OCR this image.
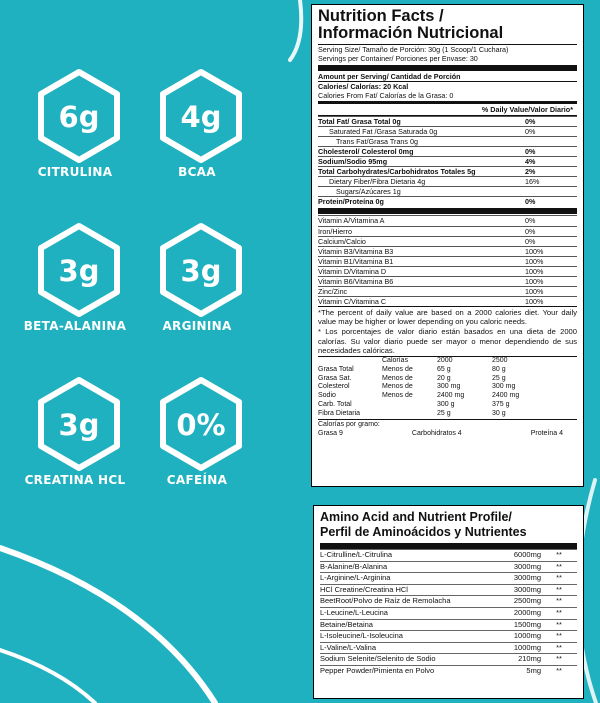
6g
CITRULINA
4g
BCAA
3g
BETA-ALANINA
3g
ARGININA
3g
CREATINA HCL
0%
CAFEÍNA
Nutrition Facts /
Información Nutricional
Serving Size/ Tamaño de Porción: 30g (1 Scoop/1 Cuchara)
Servings per Container/ Porciones per Envase: 30
Amount per Serving/ Cantidad de Porción
Calories/ Calorías: 20 Kcal
Calories From Fat/ Calorías de la Grasa: 0
% Daily Value/Valor Diario*
Total Fat/ Grasa Total 0g	0%
Saturated Fat /Grasa Saturada 0g	0%
Trans Fat/Grasa Trans 0g
Cholesterol/ Colesterol 0mg	0%
Sodium/Sodio 95mg	4%
Total Carbohydrates/Carbohidratos Totales 5g	2%
Dietary Fiber/Fibra Dietaria 4g	16%
Sugars/Azúcares 1g
Protein/Proteína 0g	0%
Vitamin A/Vitamina A	0%
Iron/Hierro	0%
Calcium/Calcio	0%
Vitamin B3/Vitamina B3	100%
Vitamin B1/Vitamina B1	100%
Vitamin D/Vitamina D	100%
Vitamin B6/Vitamina B6	100%
Zinc/Zinc	100%
Vitamin C/Vitamina C	100%
*The percent of daily value are based on a 2000 calories diet. Your daily value may be higher or lower depending on you caloric needs.
* Los porcentajes de valor diario están basados en una dieta de 2000 calorías. Su valor diario puede ser mayor o menor dependiendo de sus necesidades calóricas.
Calorías	2000	2500
Grasa Total	Menos de	65 g	80 g
Grasa Sat.	Menos de	20 g	25 g
Colesterol	Menos de	300 mg	300 mg
Sodio	Menos de	2400 mg	2400 mg
Carb. Total	300 g	375 g
Fibra Dietaria	25 g	30 g
Calorías por gramo:
Grasa 9	Carbohidratos 4	Proteína 4
Amino Acid and Nutrient Profile/
Perfil de Aminoácidos y Nutrientes
L-Citrulline/L-Citrulina	6000mg	**
B-Alanine/B-Alanina	3000mg	**
L-Arginine/L-Arginina	3000mg	**
HCl Creatine/Creatina HCl	3000mg	**
BeetRoot/Polvo de Raíz de Remolacha	2500mg	**
L-Leucine/L-Leucina	2000mg	**
Betaine/Betaina	1500mg	**
L-Isoleucine/L-Isoleucina	1000mg	**
L-Valine/L-Valina	1000mg	**
Sodium Selenite/Selenito de Sodio	210mg	**
Pepper Powder/Pimienta en Polvo	5mg	**
